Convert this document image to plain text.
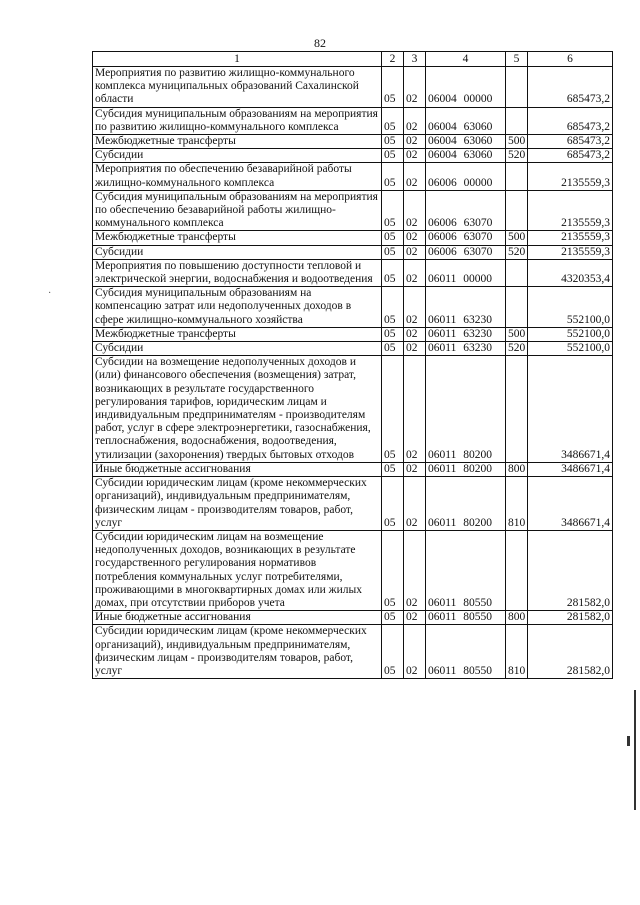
82
1	2	3	4	5	6
Мероприятия по развитию жилищно-коммунального комплекса муниципальных образований Сахалинской области	05	02	06004 00000		685473,2
Субсидия муниципальным образованиям на мероприятия по развитию жилищно-коммунального комплекса	05	02	06004 63060		685473,2
Межбюджетные трансферты	05	02	06004 63060	500	685473,2
Субсидии	05	02	06004 63060	520	685473,2
Мероприятия по обеспечению безаварийной работы жилищно-коммунального комплекса	05	02	06006 00000		2135559,3
Субсидия муниципальным образованиям на мероприятия по обеспечению безаварийной работы жилищно-коммунального комплекса	05	02	06006 63070		2135559,3
Межбюджетные трансферты	05	02	06006 63070	500	2135559,3
Субсидии	05	02	06006 63070	520	2135559,3
Мероприятия по повышению доступности тепловой и электрической энергии, водоснабжения и водоотведения	05	02	06011 00000		4320353,4
Субсидия муниципальным образованиям на компенсацию затрат или недополученных доходов в сфере жилищно-коммунального хозяйства	05	02	06011 63230		552100,0
Межбюджетные трансферты	05	02	06011 63230	500	552100,0
Субсидии	05	02	06011 63230	520	552100,0
Субсидии на возмещение недополученных доходов и (или) финансового обеспечения (возмещения) затрат, возникающих в результате государственного регулирования тарифов, юридическим лицам и индивидуальным предпринимателям - производителям работ, услуг в сфере электроэнергетики, газоснабжения, теплоснабжения, водоснабжения, водоотведения, утилизации (захоронения) твердых бытовых отходов	05	02	06011 80200		3486671,4
Иные бюджетные ассигнования	05	02	06011 80200	800	3486671,4
Субсидии юридическим лицам (кроме некоммерческих организаций), индивидуальным предпринимателям, физическим лицам - производителям товаров, работ, услуг	05	02	06011 80200	810	3486671,4
Субсидии юридическим лицам на возмещение недополученных доходов, возникающих в результате государственного регулирования нормативов потребления коммунальных услуг потребителями, проживающими в многоквартирных домах или жилых домах, при отсутствии приборов учета	05	02	06011 80550		281582,0
Иные бюджетные ассигнования	05	02	06011 80550	800	281582,0
Субсидии юридическим лицам (кроме некоммерческих организаций), индивидуальным предпринимателям, физическим лицам - производителям товаров, работ, услуг	05	02	06011 80550	810	281582,0
·
